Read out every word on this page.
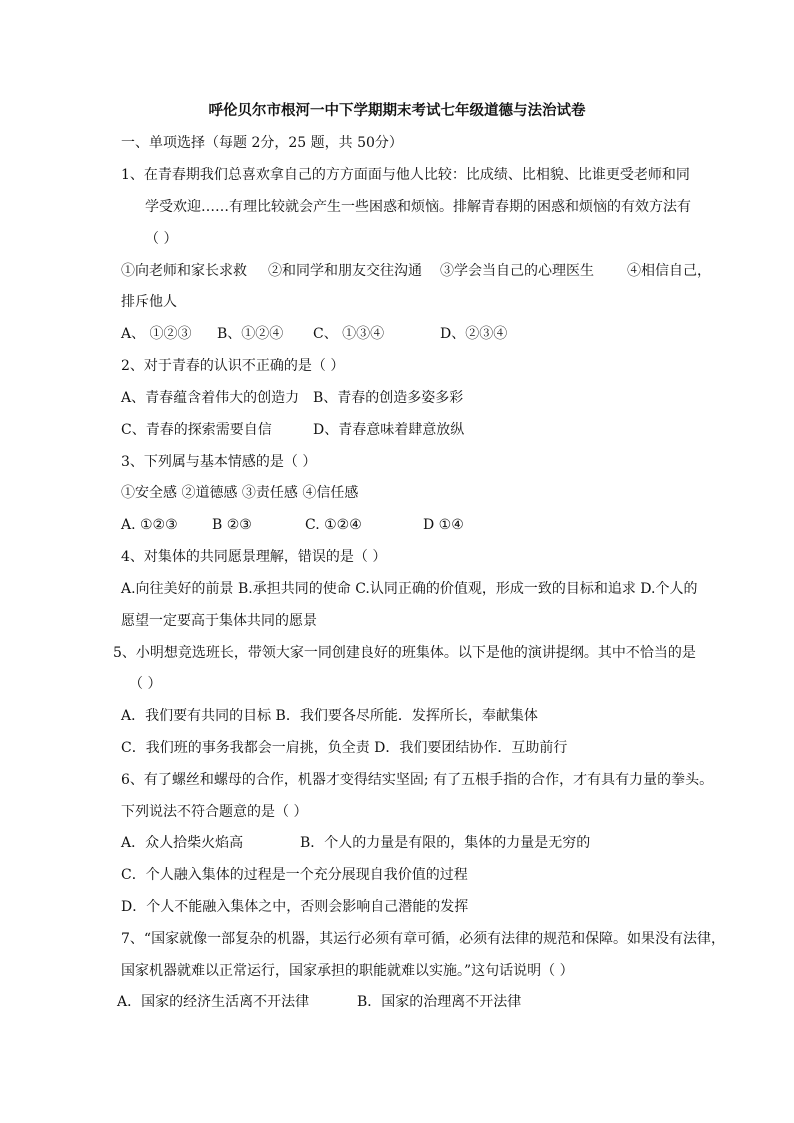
呼伦贝尔市根河一中下学期期末考试七年级道德与法治试卷
一、单项选择（每题 2分，25 题，共 50分）
1、在青春期我们总喜欢拿自己的方方面面与他人比较：比成绩、比相貌、比谁更受老师和同
学受欢迎……有理比较就会产生一些困惑和烦恼。排解青春期的困惑和烦恼的有效方法有
（ ）
①向老师和家长求救 ②和同学和朋友交往沟通 ③学会当自己的心理医生 ④相信自己，
排斥他人
A、 ①②③ B、①②④ C、 ①③④	D、②③④
2、对于青春的认识不正确的是（ ）
A、青春蕴含着伟大的创造力 B、青春的创造多姿多彩
C、青春的探索需要自信	D、青春意味着肆意放纵
3、下列属与基本情感的是（ ）
①安全感 ②道德感 ③责任感 ④信任感
A. ①②③ B ②③	C. ①②④	D ①④
4、对集体的共同愿景理解，错误的是（ ）
A.向往美好的前景 B.承担共同的使命 C.认同正确的价值观，形成一致的目标和追求 D.个人的
愿望一定要高于集体共同的愿景
5、小明想竞选班长，带领大家一同创建良好的班集体。以下是他的演讲提纲。其中不恰当的是
（ ）
A．我们要有共同的目标 B．我们要各尽所能．发挥所长，奉献集体
C．我们班的事务我都会一肩挑，负全责 D．我们要团结协作．互助前行
6、有了螺丝和螺母的合作，机器才变得结实坚固; 有了五根手指的合作，才有具有力量的拳头。
下列说法不符合题意的是（ ）
A．众人拾柴火焰高	B．个人的力量是有限的，集体的力量是无穷的
C．个人融入集体的过程是一个充分展现自我价值的过程
D．个人不能融入集体之中，否则会影响自己潜能的发挥
7、“国家就像一部复杂的机器，其运行必须有章可循，必须有法律的规范和保障。如果没有法律，
国家机器就难以正常运行，国家承担的职能就难以实施。”这句话说明（ ）
A．国家的经济生活离不开法律	B．国家的治理离不开法律
